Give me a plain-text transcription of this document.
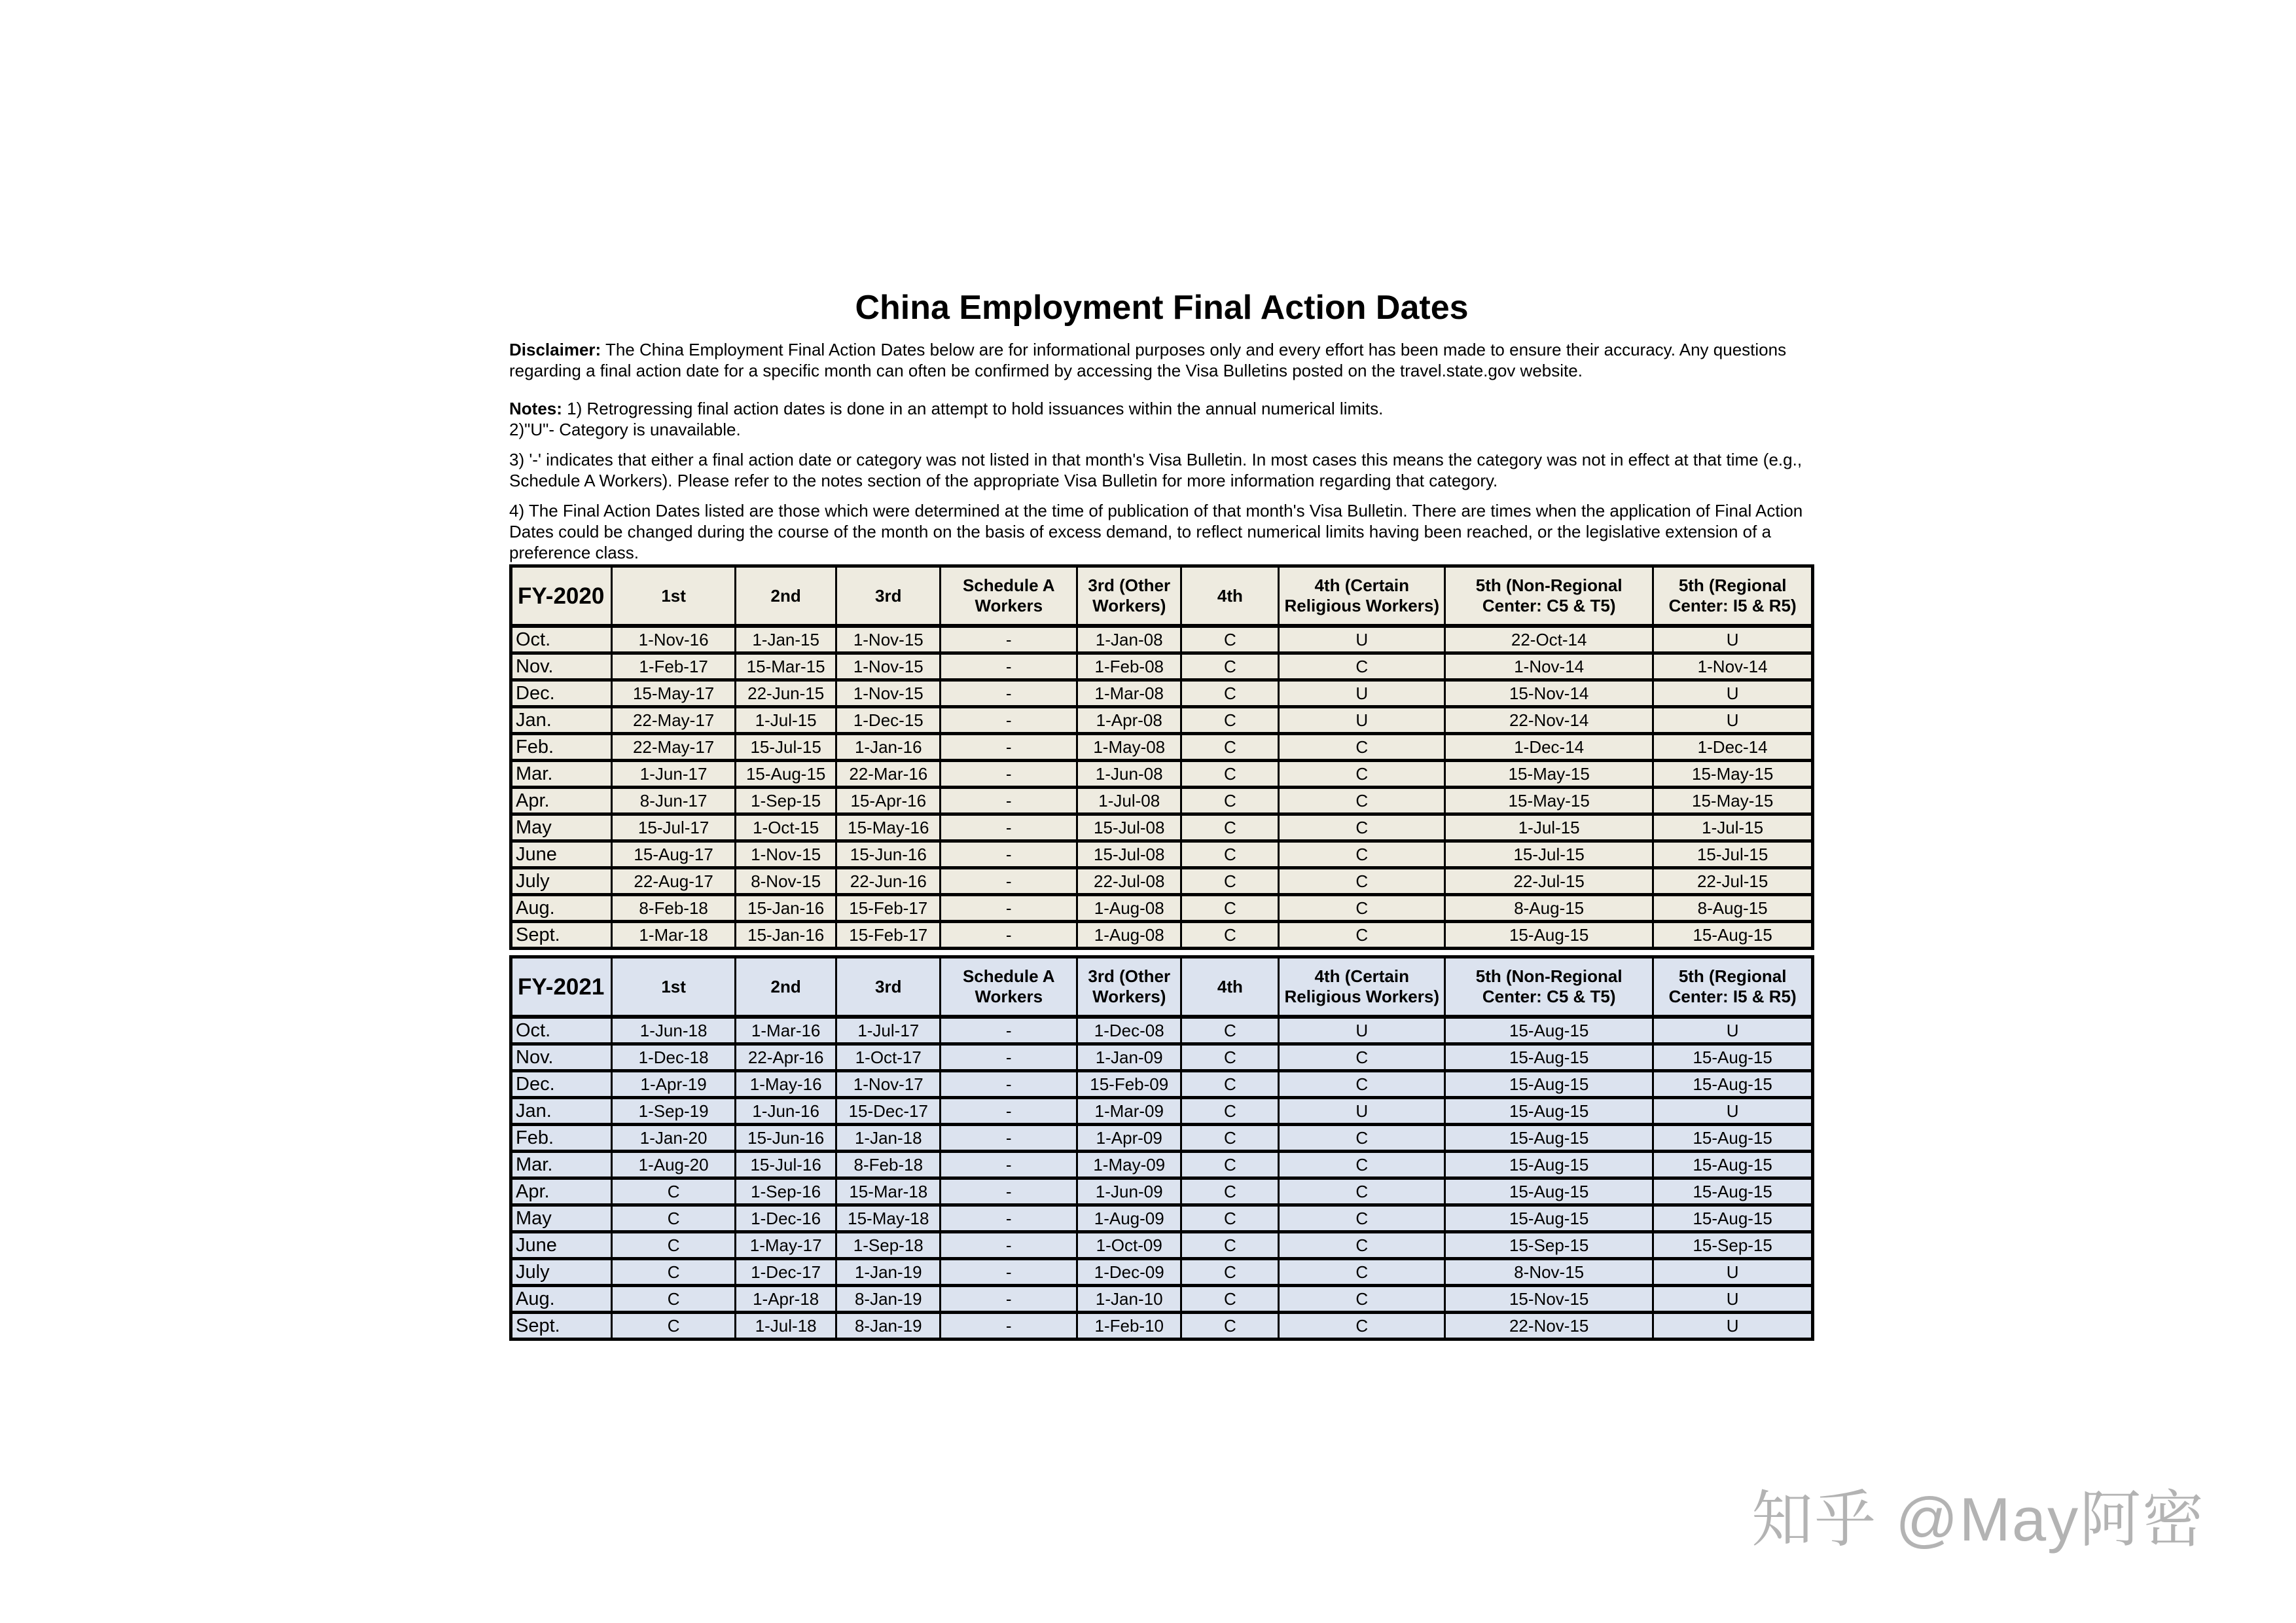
China Employment Final Action Dates

Disclaimer: The China Employment Final Action Dates below are for informational purposes only and every effort has been made to ensure their accuracy. Any questions regarding a final action date for a specific month can often be confirmed by accessing the Visa Bulletins posted on the travel.state.gov website.

Notes: 1) Retrogressing final action dates is done in an attempt to hold issuances within the annual numerical limits.

2)"U"- Category is unavailable.

3) '-' indicates that either a final action date or category was not listed in that month's Visa Bulletin. In most cases this means the category was not in effect at that time (e.g., Schedule A Workers). Please refer to the notes section of the appropriate Visa Bulletin for more information regarding that category.

4) The Final Action Dates listed are those which were determined at the time of publication of that month's Visa Bulletin. There are times when the application of Final Action Dates could be changed during the course of the month on the basis of excess demand, to reflect numerical limits having been reached, or the legislative extension of a preference class.

FY-2020	1st	2nd	3rd	Schedule A Workers	3rd (Other Workers)	4th	4th (Certain Religious Workers)	5th (Non-Regional Center: C5 & T5)	5th (Regional Center: I5 & R5)
Oct.	1-Nov-16	1-Jan-15	1-Nov-15	-	1-Jan-08	C	U	22-Oct-14	U
Nov.	1-Feb-17	15-Mar-15	1-Nov-15	-	1-Feb-08	C	C	1-Nov-14	1-Nov-14
Dec.	15-May-17	22-Jun-15	1-Nov-15	-	1-Mar-08	C	U	15-Nov-14	U
Jan.	22-May-17	1-Jul-15	1-Dec-15	-	1-Apr-08	C	U	22-Nov-14	U
Feb.	22-May-17	15-Jul-15	1-Jan-16	-	1-May-08	C	C	1-Dec-14	1-Dec-14
Mar.	1-Jun-17	15-Aug-15	22-Mar-16	-	1-Jun-08	C	C	15-May-15	15-May-15
Apr.	8-Jun-17	1-Sep-15	15-Apr-16	-	1-Jul-08	C	C	15-May-15	15-May-15
May	15-Jul-17	1-Oct-15	15-May-16	-	15-Jul-08	C	C	1-Jul-15	1-Jul-15
June	15-Aug-17	1-Nov-15	15-Jun-16	-	15-Jul-08	C	C	15-Jul-15	15-Jul-15
July	22-Aug-17	8-Nov-15	22-Jun-16	-	22-Jul-08	C	C	22-Jul-15	22-Jul-15
Aug.	8-Feb-18	15-Jan-16	15-Feb-17	-	1-Aug-08	C	C	8-Aug-15	8-Aug-15
Sept.	1-Mar-18	15-Jan-16	15-Feb-17	-	1-Aug-08	C	C	15-Aug-15	15-Aug-15
FY-2021	1st	2nd	3rd	Schedule A Workers	3rd (Other Workers)	4th	4th (Certain Religious Workers)	5th (Non-Regional Center: C5 & T5)	5th (Regional Center: I5 & R5)
Oct.	1-Jun-18	1-Mar-16	1-Jul-17	-	1-Dec-08	C	U	15-Aug-15	U
Nov.	1-Dec-18	22-Apr-16	1-Oct-17	-	1-Jan-09	C	C	15-Aug-15	15-Aug-15
Dec.	1-Apr-19	1-May-16	1-Nov-17	-	15-Feb-09	C	C	15-Aug-15	15-Aug-15
Jan.	1-Sep-19	1-Jun-16	15-Dec-17	-	1-Mar-09	C	U	15-Aug-15	U
Feb.	1-Jan-20	15-Jun-16	1-Jan-18	-	1-Apr-09	C	C	15-Aug-15	15-Aug-15
Mar.	1-Aug-20	15-Jul-16	8-Feb-18	-	1-May-09	C	C	15-Aug-15	15-Aug-15
Apr.	C	1-Sep-16	15-Mar-18	-	1-Jun-09	C	C	15-Aug-15	15-Aug-15
May	C	1-Dec-16	15-May-18	-	1-Aug-09	C	C	15-Aug-15	15-Aug-15
June	C	1-May-17	1-Sep-18	-	1-Oct-09	C	C	15-Sep-15	15-Sep-15
July	C	1-Dec-17	1-Jan-19	-	1-Dec-09	C	C	8-Nov-15	U
Aug.	C	1-Apr-18	8-Jan-19	-	1-Jan-10	C	C	15-Nov-15	U
Sept.	C	1-Jul-18	8-Jan-19	-	1-Feb-10	C	C	22-Nov-15	U
知乎 @May阿密
